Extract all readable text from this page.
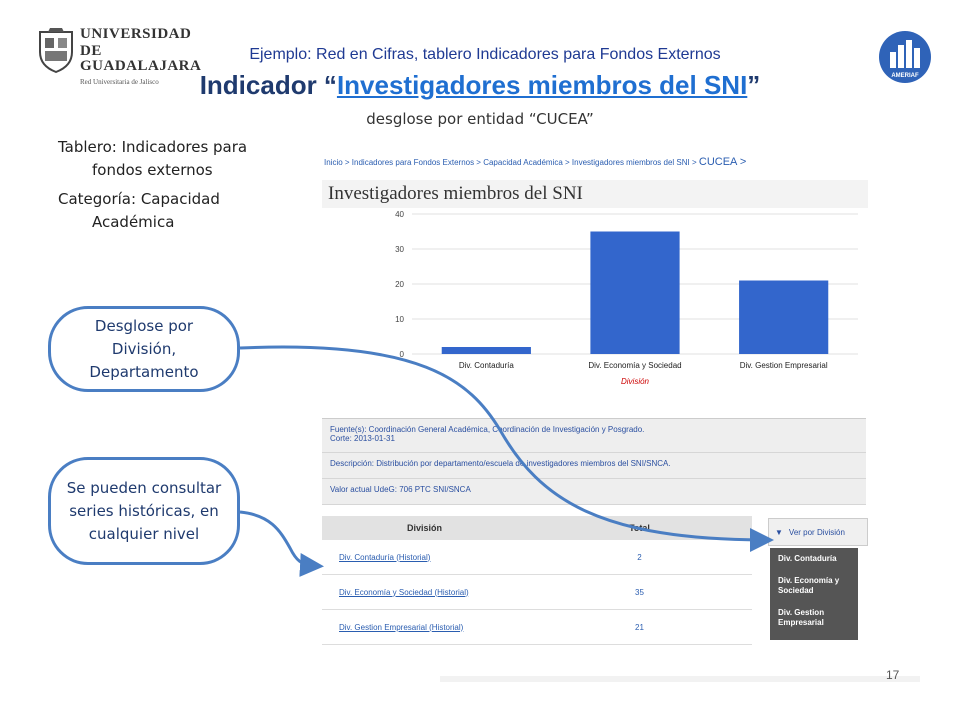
UNIVERSIDAD DE
GUADALAJARA
Red Universitaria de Jalisco
AMERIAF
Ejemplo: Red en Cifras, tablero Indicadores para Fondos Externos
Indicador “Investigadores miembros del SNI”
desglose por entidad “CUCEA”
Tablero: Indicadores para fondos externos
Categoría: Capacidad Académica
Desglose por División, Departamento
Se pueden consultar series históricas, en cualquier nivel
Inicio > Indicadores para Fondos Externos > Capacidad Académica > Investigadores miembros del SNI > CUCEA >
Investigadores miembros del SNI
0
10
20
30
40
Div. Contaduría	Div. Economía y Sociedad	Div. Gestion Empresarial
División
Fuente(s): Coordinación General Académica, Coordinación de Investigación y Posgrado.
Corte: 2013-01-31
Descripción: Distribución por departamento/escuela de investigadores miembros del SNI/SNCA.
Valor actual UdeG: 706 PTC SNI/SNCA
División	Total
Div. Contaduría (Historial)	2
Div. Economía y Sociedad (Historial)	35
Div. Gestion Empresarial (Historial)	21
▼ Ver por División
Div. Contaduría
Div. Economía y Sociedad
Div. Gestion Empresarial
17
